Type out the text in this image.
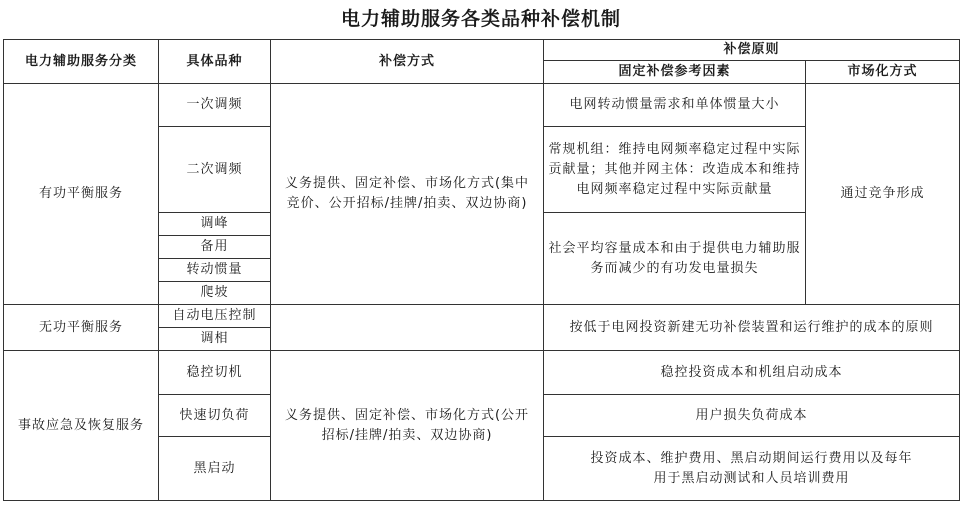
电力辅助服务各类品种补偿机制
电力辅助服务分类	具体品种	补偿方式	补偿原则	
			固定补偿参考因素	市场化方式
有功平衡服务	一次调频	义务提供、固定补偿、市场化方式(集中竞价、公开招标/挂牌/拍卖、双边协商)	电网转动惯量需求和单体惯量大小	通过竞争形成
	二次调频		常规机组：维持电网频率稳定过程中实际贡献量；其他并网主体：改造成本和维持电网频率稳定过程中实际贡献量	
	调峰		社会平均容量成本和由于提供电力辅助服务而减少的有功发电量损失	
	备用			
	转动惯量			
	爬坡			
无功平衡服务	自动电压控制		按低于电网投资新建无功补偿装置和运行维护的成本的原则	
	调相			
事故应急及恢复服务	稳控切机	义务提供、固定补偿、市场化方式(公开招标/挂牌/拍卖、双边协商)	稳控投资成本和机组启动成本	
	快速切负荷		用户损失负荷成本	
	黑启动		投资成本、维护费用、黑启动期间运行费用以及每年用于黑启动测试和人员培训费用	
